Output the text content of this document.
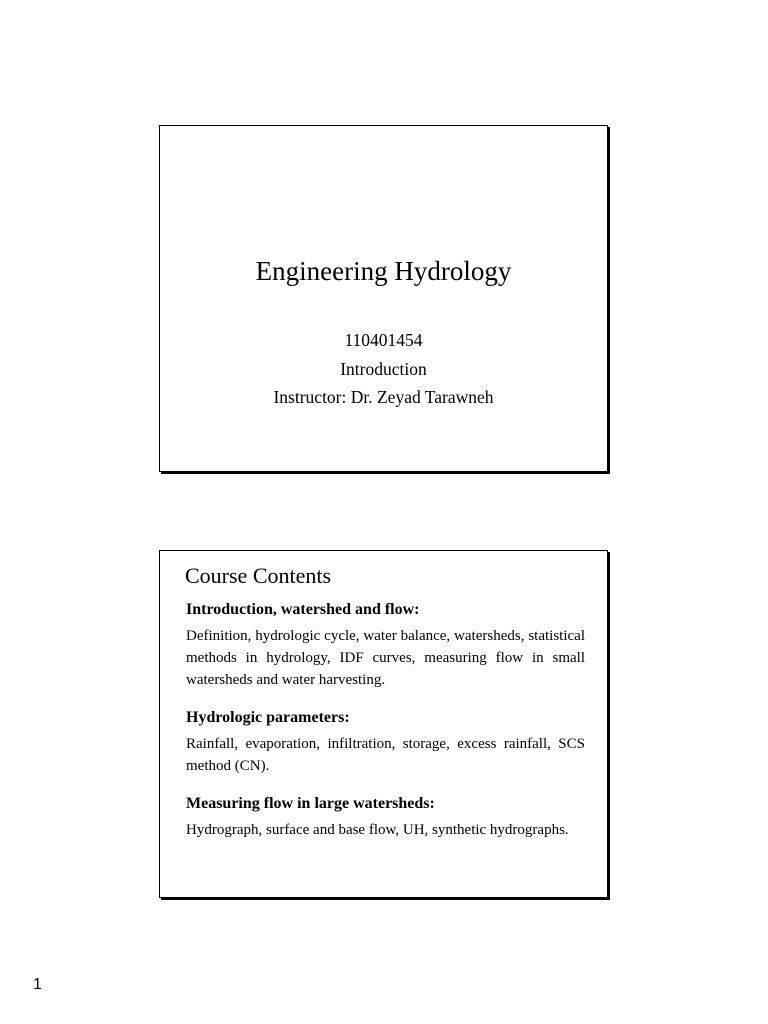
Engineering Hydrology
110401454
Introduction
Instructor: Dr. Zeyad Tarawneh
Course Contents
Introduction, watershed and flow:

Definition, hydrologic cycle, water balance, watersheds, statistical methods in hydrology, IDF curves, measuring flow in small watersheds and water harvesting.

Hydrologic parameters:

Rainfall, evaporation, infiltration, storage, excess rainfall, SCS method (CN).

Measuring flow in large watersheds:

Hydrograph, surface and base flow, UH, synthetic hydrographs.

1
